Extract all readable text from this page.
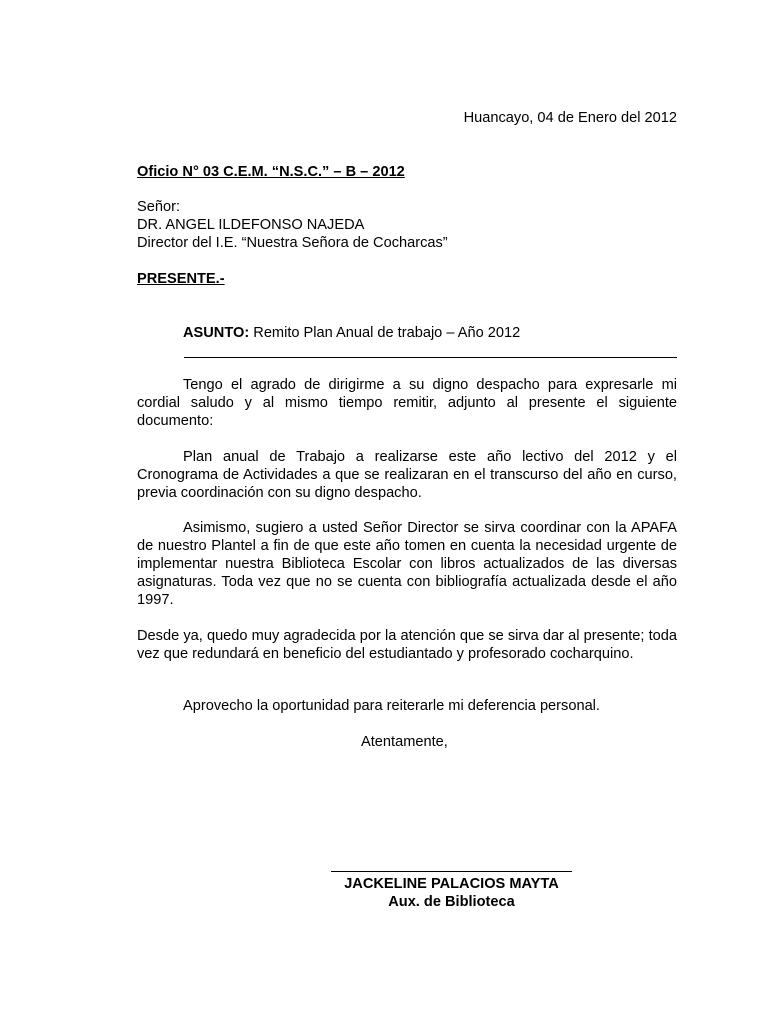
Huancayo, 04 de Enero del 2012
Oficio N° 03 C.E.M. “N.S.C.” – B – 2012
Señor:
DR. ANGEL ILDEFONSO NAJEDA
Director del I.E. “Nuestra Señora de Cocharcas”
PRESENTE.-
ASUNTO: Remito Plan Anual de trabajo – Año 2012
Tengo el agrado de dirigirme a su digno despacho para expresarle mi cordial saludo y al mismo tiempo remitir, adjunto al presente el siguiente documento:
Plan anual de Trabajo a realizarse este año lectivo del 2012 y el Cronograma de Actividades a que se realizaran en el transcurso del año en curso, previa coordinación con su digno despacho.
Asimismo, sugiero a usted Señor Director se sirva coordinar con la APAFA de nuestro Plantel a fin de que este año tomen en cuenta la necesidad urgente de implementar nuestra Biblioteca Escolar con libros actualizados de las diversas asignaturas. Toda vez que no se cuenta con bibliografía actualizada desde el año 1997.
Desde ya, quedo muy agradecida por la atención que se sirva dar al presente; toda vez que redundará en beneficio del estudiantado y profesorado cocharquino.
Aprovecho la oportunidad para reiterarle mi deferencia personal.
Atentamente,
JACKELINE PALACIOS MAYTA
Aux. de Biblioteca
